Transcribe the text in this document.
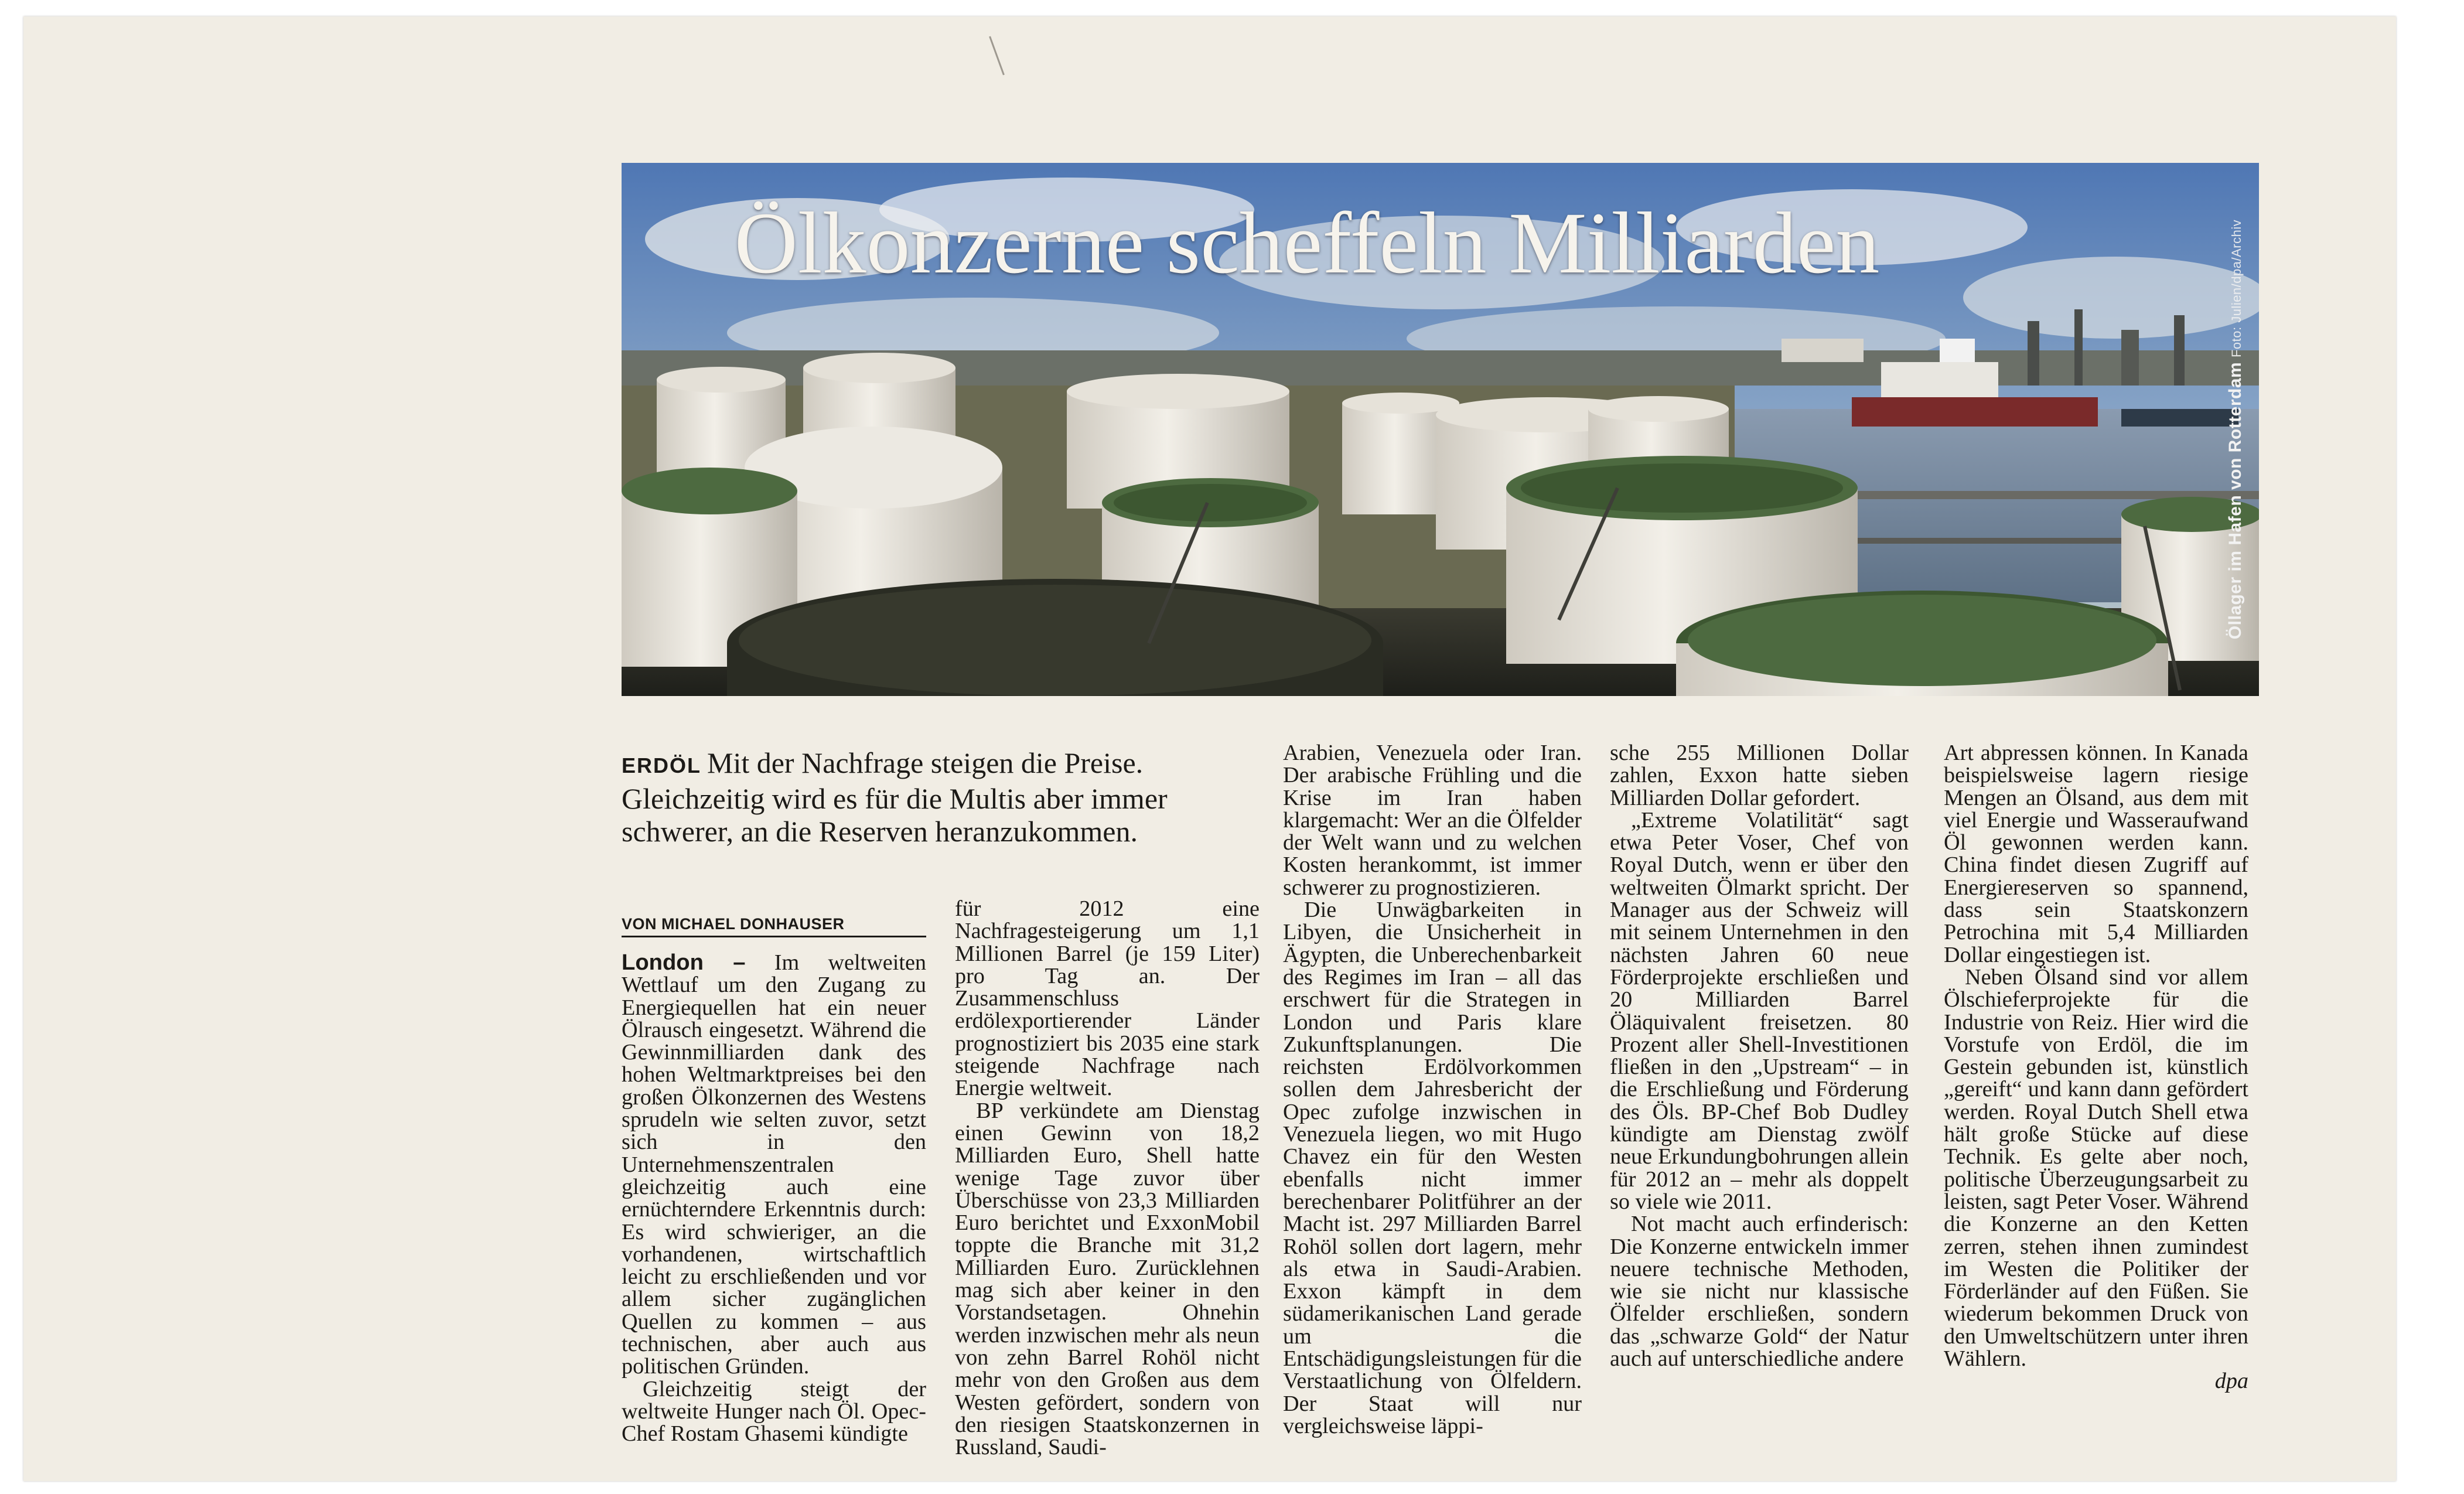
Ölkonzerne scheffeln Milliarden
Öllager im Hafen von Rotterdam Foto: Julien/dpa/Archiv
ERDÖL Mit der Nachfrage steigen die Preise. Gleichzeitig wird es für die Multis aber immer schwerer, an die Reserven heranzukommen.
VON MICHAEL DONHAUSER

London – Im weltweiten Wettlauf um den Zugang zu Energiequellen hat ein neuer Ölrausch eingesetzt. Während die Gewinnmilliarden dank des hohen Weltmarktpreises bei den großen Ölkonzernen des Westens sprudeln wie selten zuvor, setzt sich in den Unternehmenszentralen gleichzeitig auch eine ernüchterndere Erkenntnis durch: Es wird schwieriger, an die vorhandenen, wirtschaftlich leicht zu erschließenden und vor allem sicher zugänglichen Quellen zu kommen – aus technischen, aber auch aus politischen Gründen.

Gleichzeitig steigt der weltweite Hunger nach Öl. Opec-Chef Rostam Ghasemi kündigte

für 2012 eine Nachfragesteigerung um 1,1 Millionen Barrel (je 159 Liter) pro Tag an. Der Zusammenschluss erdölexportierender Länder prognostiziert bis 2035 eine stark steigende Nachfrage nach Energie weltweit.

BP verkündete am Dienstag einen Gewinn von 18,2 Milliarden Euro, Shell hatte wenige Tage zuvor über Überschüsse von 23,3 Milliarden Euro berichtet und ExxonMobil toppte die Branche mit 31,2 Milliarden Euro. Zurücklehnen mag sich aber keiner in den Vorstandsetagen. Ohnehin werden inzwischen mehr als neun von zehn Barrel Rohöl nicht mehr von den Großen aus dem Westen gefördert, sondern von den riesigen Staatskonzernen in Russland, Saudi-

Arabien, Venezuela oder Iran. Der arabische Frühling und die Krise im Iran haben klargemacht: Wer an die Ölfelder der Welt wann und zu welchen Kosten herankommt, ist immer schwerer zu prognostizieren.

Die Unwägbarkeiten in Libyen, die Unsicherheit in Ägypten, die Unberechenbarkeit des Regimes im Iran – all das erschwert für die Strategen in London und Paris klare Zukunftsplanungen. Die reichsten Erdölvorkommen sollen dem Jahresbericht der Opec zufolge inzwischen in Venezuela liegen, wo mit Hugo Chavez ein für den Westen ebenfalls nicht immer berechenbarer Politführer an der Macht ist. 297 Milliarden Barrel Rohöl sollen dort lagern, mehr als etwa in Saudi-Arabien. Exxon kämpft in dem südamerikanischen Land gerade um die Entschädigungsleistungen für die Verstaatlichung von Ölfeldern. Der Staat will nur vergleichsweise läppi-

sche 255 Millionen Dollar zahlen, Exxon hatte sieben Milliarden Dollar gefordert.

„Extreme Volatilität“ sagt etwa Peter Voser, Chef von Royal Dutch, wenn er über den weltweiten Ölmarkt spricht. Der Manager aus der Schweiz will mit seinem Unternehmen in den nächsten Jahren 60 neue Förderprojekte erschließen und 20 Milliarden Barrel Öläquivalent freisetzen. 80 Prozent aller Shell-Investitionen fließen in den „Upstream“ – in die Erschließung und Förderung des Öls. BP-Chef Bob Dudley kündigte am Dienstag zwölf neue Erkundungbohrungen allein für 2012 an – mehr als doppelt so viele wie 2011.

Not macht auch erfinderisch: Die Konzerne entwickeln immer neuere technische Methoden, wie sie nicht nur klassische Ölfelder erschließen, sondern das „schwarze Gold“ der Natur auch auf unterschiedliche andere

Art abpressen können. In Kanada beispielsweise lagern riesige Mengen an Ölsand, aus dem mit viel Energie und Wasseraufwand Öl gewonnen werden kann. China findet diesen Zugriff auf Energiereserven so spannend, dass sein Staatskonzern Petrochina mit 5,4 Milliarden Dollar eingestiegen ist.

Neben Ölsand sind vor allem Ölschieferprojekte für die Industrie von Reiz. Hier wird die Vorstufe von Erdöl, die im Gestein gebunden ist, künstlich „gereift“ und kann dann gefördert werden. Royal Dutch Shell etwa hält große Stücke auf diese Technik. Es gelte aber noch, politische Überzeugungsarbeit zu leisten, sagt Peter Voser. Während die Konzerne an den Ketten zerren, stehen ihnen zumindest im Westen die Politiker der Förderländer auf den Füßen. Sie wiederum bekommen Druck von den Umweltschützern unter ihren Wählern.

dpa
